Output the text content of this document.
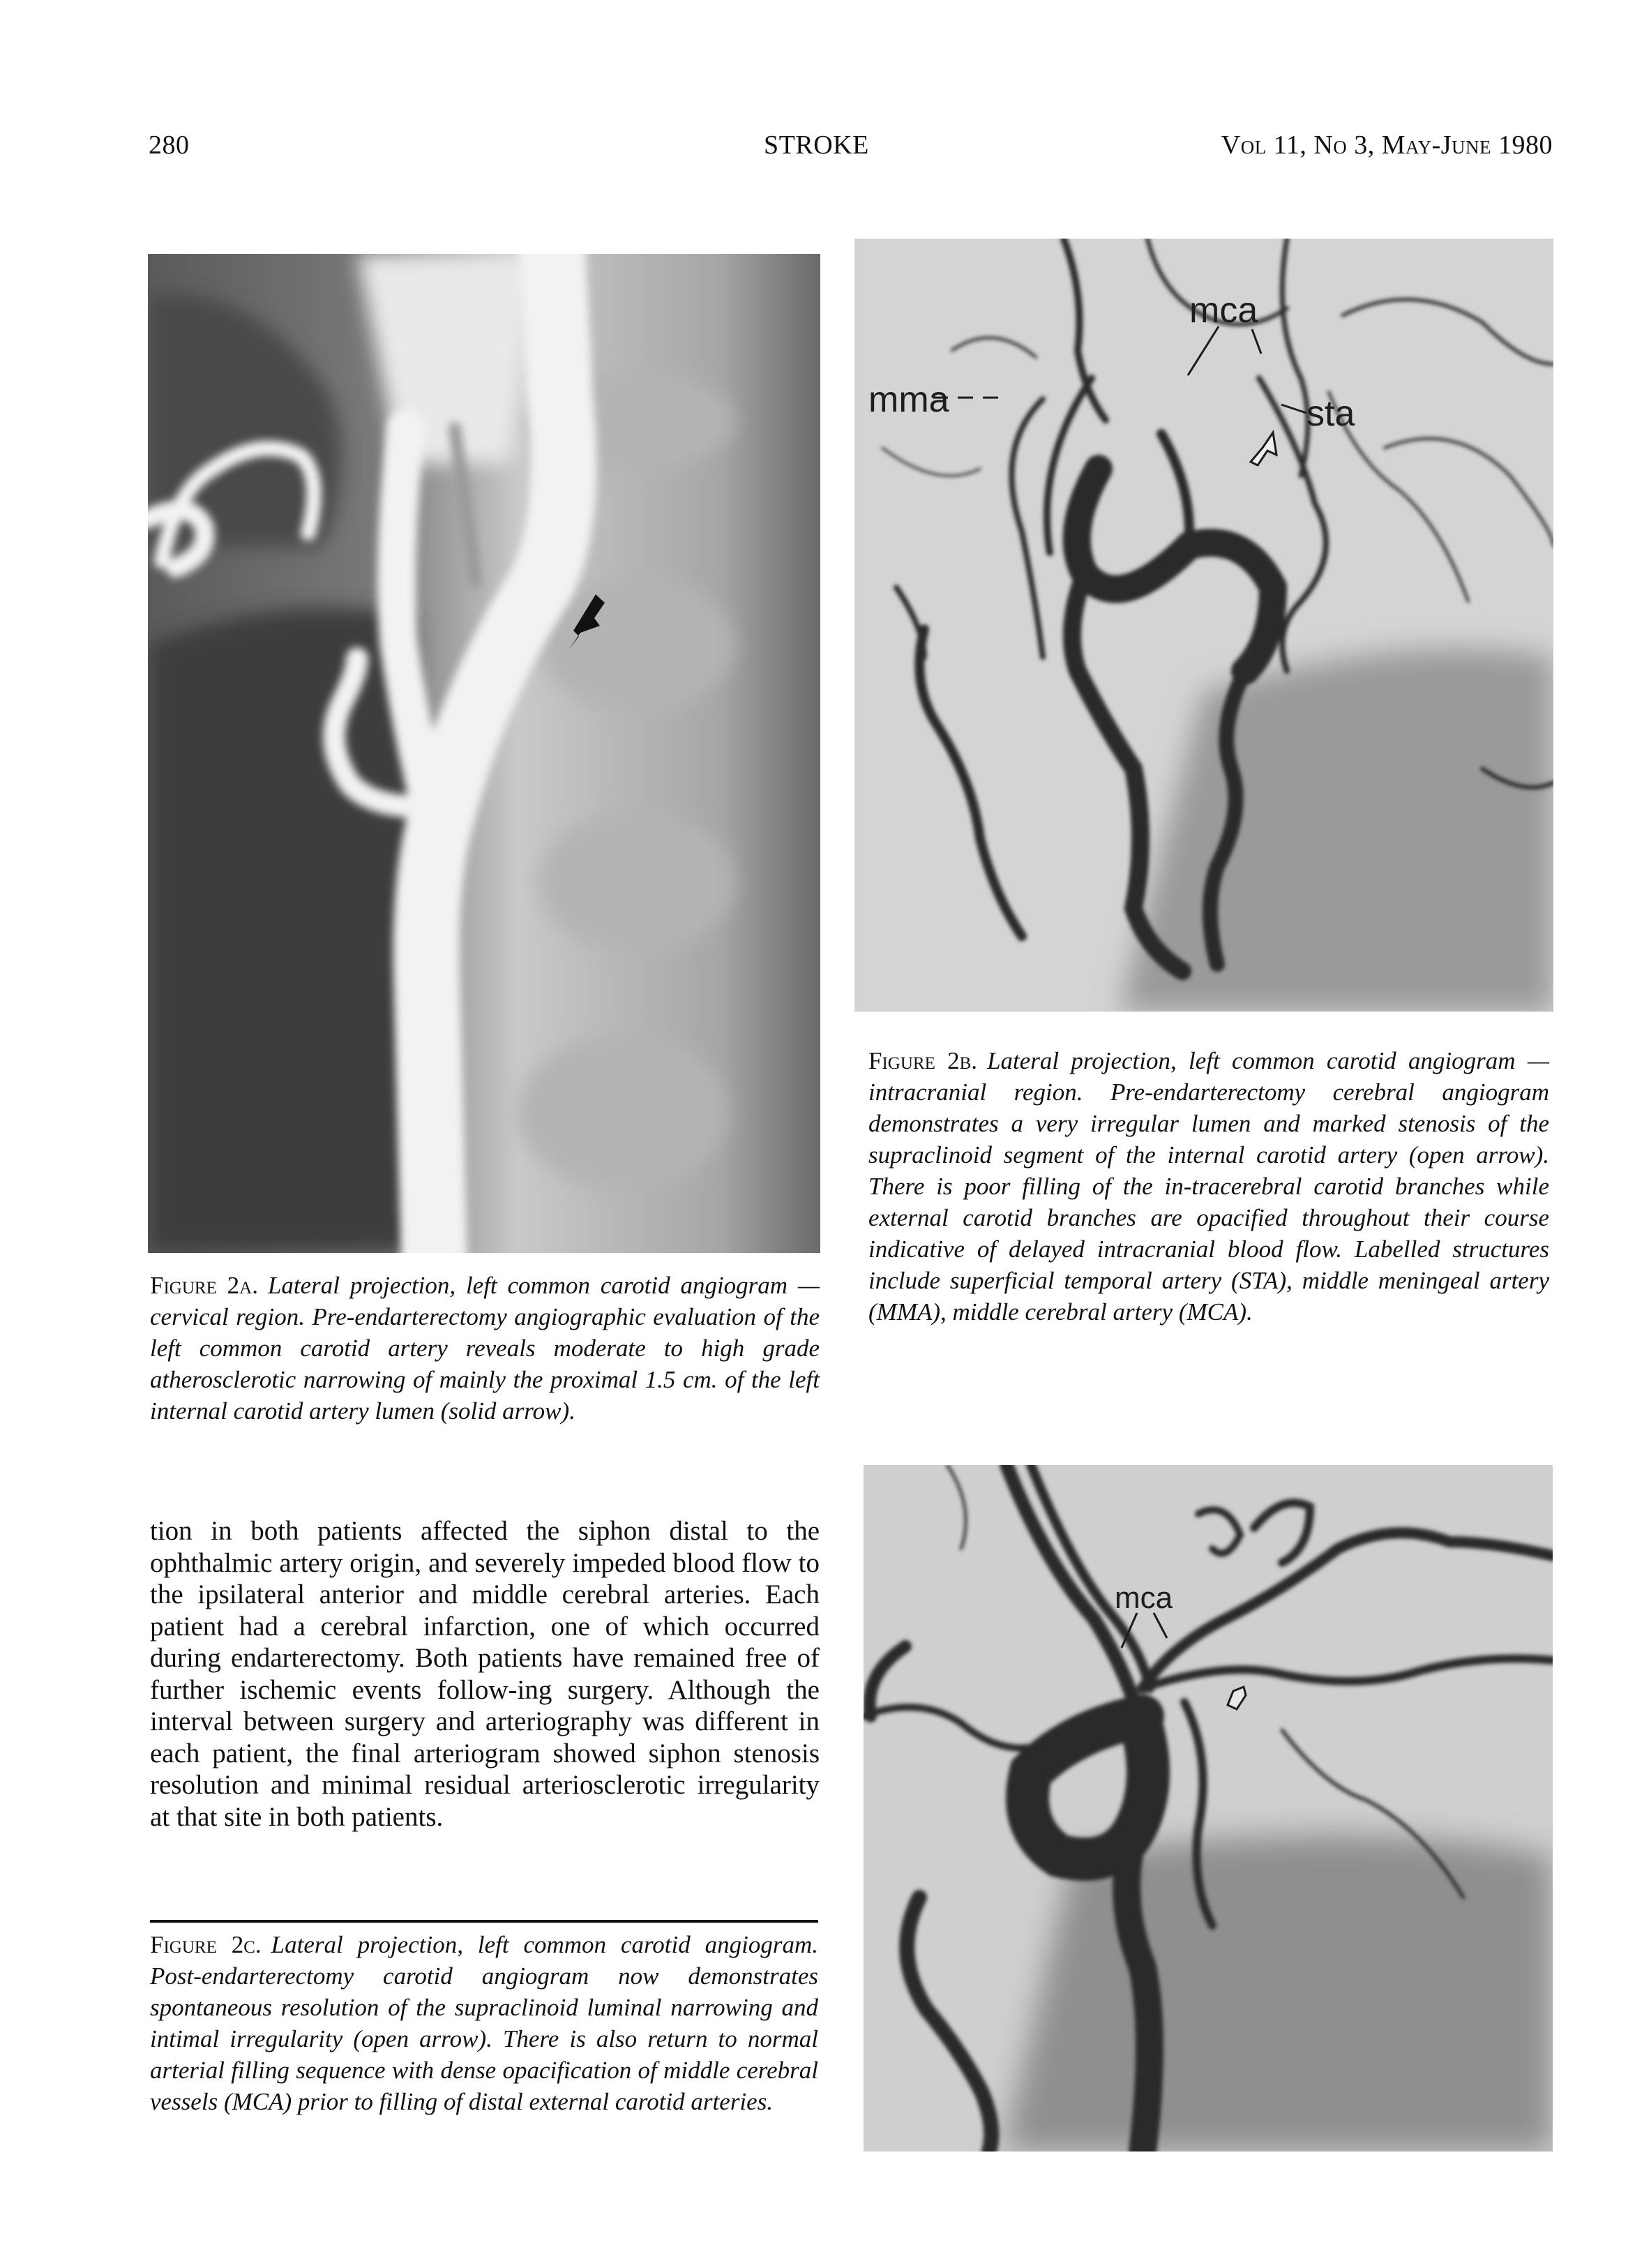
280	STROKE	Vol 11, No 3, May-June 1980
mca
mma	sta
mca
Figure 2a. Lateral projection, left common carotid angiogram — cervical region. Pre-endarterectomy angiographic evaluation of the left common carotid artery reveals moderate to high grade atherosclerotic narrowing of mainly the proximal 1.5 cm. of the left internal carotid artery lumen (solid arrow).
Figure 2b. Lateral projection, left common carotid angiogram — intracranial region. Pre-endarterectomy cerebral angiogram demonstrates a very irregular lumen and marked stenosis of the supraclinoid segment of the internal carotid artery (open arrow). There is poor filling of the in-tracerebral carotid branches while external carotid branches are opacified throughout their course indicative of delayed intracranial blood flow. Labelled structures include superficial temporal artery (STA), middle meningeal artery (MMA), middle cerebral artery (MCA).
tion in both patients affected the siphon distal to the ophthalmic artery origin, and severely impeded blood flow to the ipsilateral anterior and middle cerebral arteries. Each patient had a cerebral infarction, one of which occurred during endarterectomy. Both patients have remained free of further ischemic events follow-ing surgery. Although the interval between surgery and arteriography was different in each patient, the final arteriogram showed siphon stenosis resolution and minimal residual arteriosclerotic irregularity at that site in both patients.
Figure 2c. Lateral projection, left common carotid angiogram. Post-endarterectomy carotid angiogram now demonstrates spontaneous resolution of the supraclinoid luminal narrowing and intimal irregularity (open arrow). There is also return to normal arterial filling sequence with dense opacification of middle cerebral vessels (MCA) prior to filling of distal external carotid arteries.
